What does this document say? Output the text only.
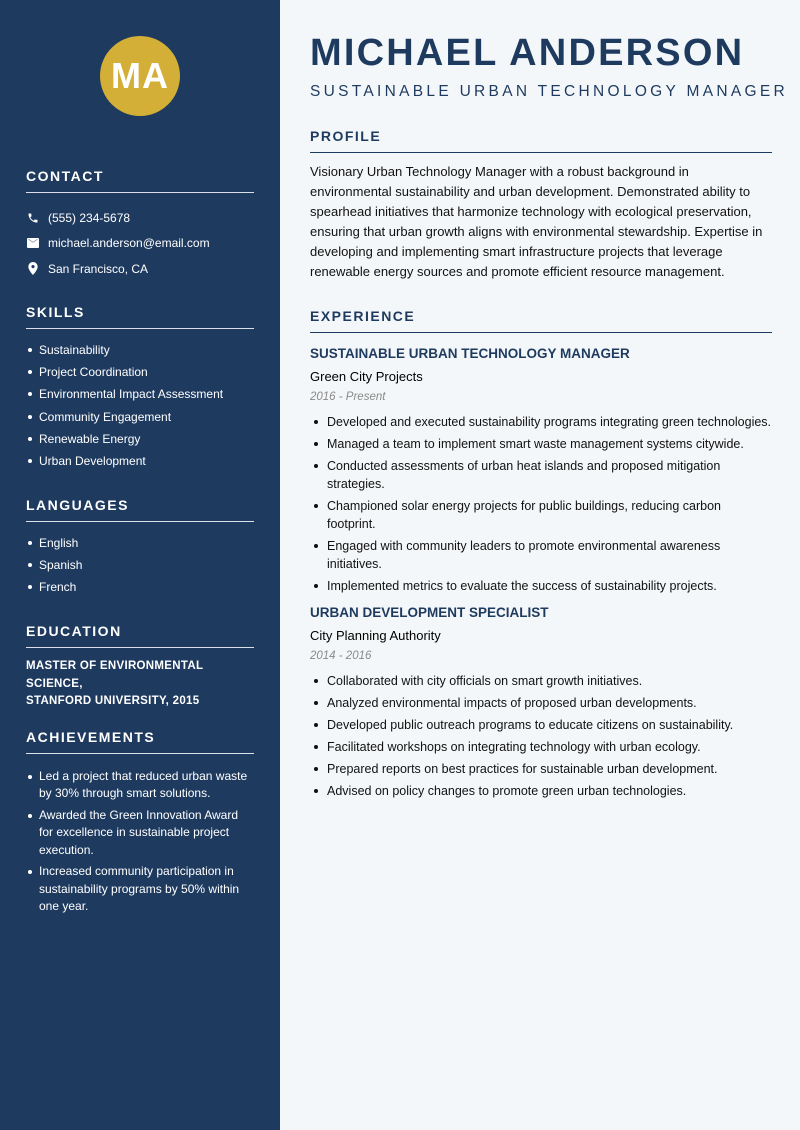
MA
CONTACT
(555) 234-5678
michael.anderson@email.com
San Francisco, CA
SKILLS
Sustainability
Project Coordination
Environmental Impact Assessment
Community Engagement
Renewable Energy
Urban Development
LANGUAGES
English
Spanish
French
EDUCATION
MASTER OF ENVIRONMENTAL SCIENCE,
STANFORD UNIVERSITY, 2015
ACHIEVEMENTS
Led a project that reduced urban waste by 30% through smart solutions.
Awarded the Green Innovation Award for excellence in sustainable project execution.
Increased community participation in sustainability programs by 50% within one year.
MICHAEL ANDERSON
SUSTAINABLE URBAN TECHNOLOGY MANAGER
PROFILE

Visionary Urban Technology Manager with a robust background in environmental sustainability and urban development. Demonstrated ability to spearhead initiatives that harmonize technology with ecological preservation, ensuring that urban growth aligns with environmental stewardship. Expertise in developing and implementing smart infrastructure projects that leverage renewable energy sources and promote efficient resource management.

EXPERIENCE
SUSTAINABLE URBAN TECHNOLOGY MANAGER
Green City Projects
2016 - Present
Developed and executed sustainability programs integrating green technologies.
Managed a team to implement smart waste management systems citywide.
Conducted assessments of urban heat islands and proposed mitigation strategies.
Championed solar energy projects for public buildings, reducing carbon footprint.
Engaged with community leaders to promote environmental awareness initiatives.
Implemented metrics to evaluate the success of sustainability projects.
URBAN DEVELOPMENT SPECIALIST
City Planning Authority
2014 - 2016
Collaborated with city officials on smart growth initiatives.
Analyzed environmental impacts of proposed urban developments.
Developed public outreach programs to educate citizens on sustainability.
Facilitated workshops on integrating technology with urban ecology.
Prepared reports on best practices for sustainable urban development.
Advised on policy changes to promote green urban technologies.
